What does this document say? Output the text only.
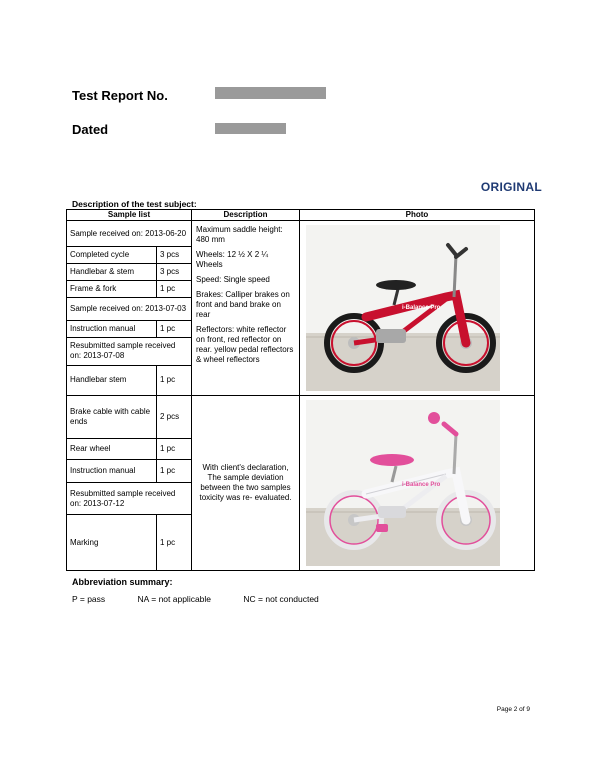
Test Report No.
Dated
ORIGINAL
Description of the test subject:
Sample list		Description	Photo
Sample received on: 2013-06-20		Maximum saddle height: 480 mm

Wheels: 12 ½ X 2 ¼ Wheels

Speed: Single speed

Brakes: Calliper brakes on front and band brake on rear

Reflectors: white reflector on front, red reflector on rear. yellow pedal reflectors & wheel reflectors	i-Balance Pro

Completed cycle	3 pcs		
Handlebar & stem	3 pcs		
Frame & fork	1 pc		
Sample received on: 2013-07-03			
Instruction manual	1 pc		
Resubmitted sample received on: 2013-07-08			
Handlebar stem	1 pc		
Brake cable with cable ends	2 pcs	With client's declaration, The sample deviation between the two samples toxicity was re- evaluated.	i-Balance Pro

Rear wheel	1 pc		
Instruction manual	1 pc		
Resubmitted sample received on: 2013-07-12			
Marking	1 pc		
Abbreviation summary:
P = pass	NA = not applicable	NC = not conducted
Page 2 of 9
